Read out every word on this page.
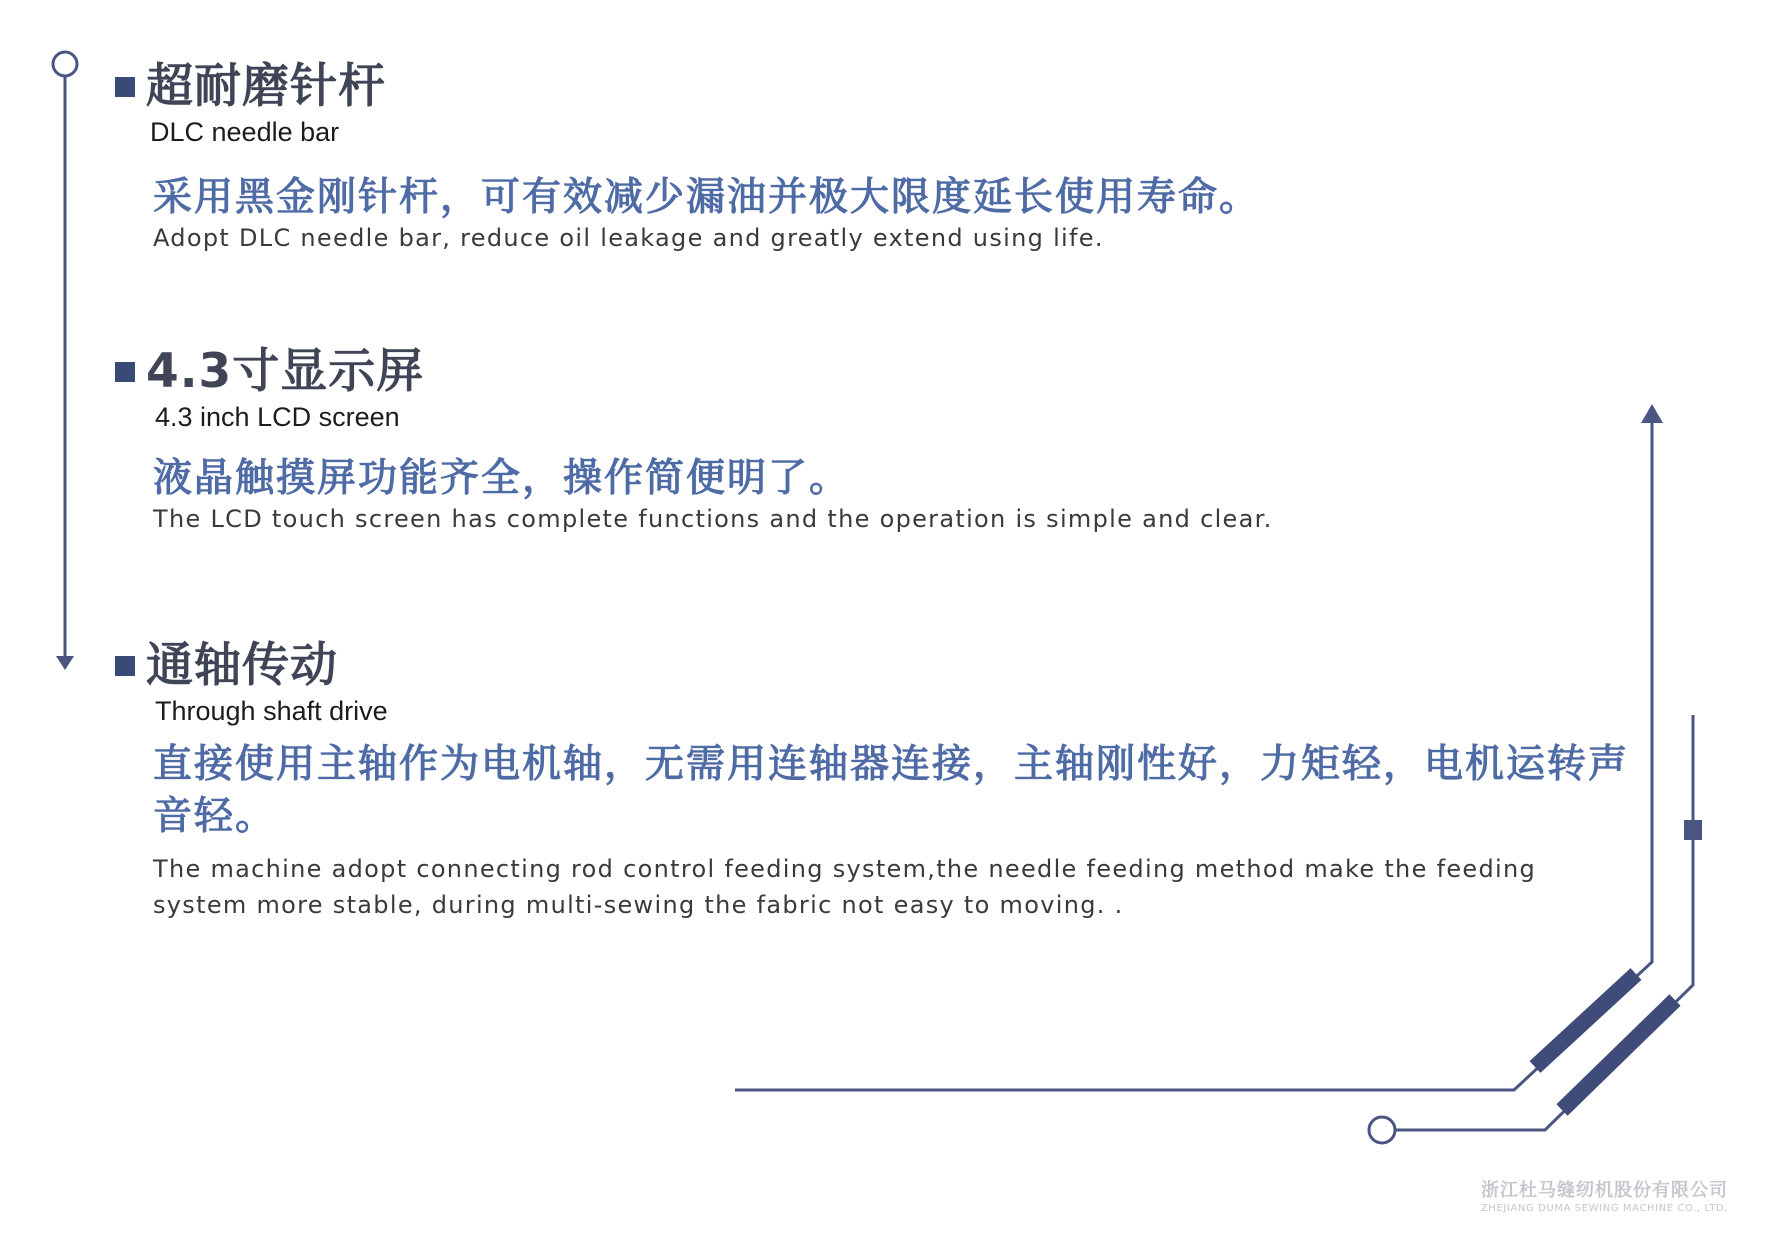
超耐磨针杆
DLC needle bar
采用黑金刚针杆，可有效减少漏油并极大限度延长使用寿命。
Adopt DLC needle bar, reduce oil leakage and greatly extend using life.
4.3寸显示屏
4.3 inch LCD screen
液晶触摸屏功能齐全，操作简便明了。
The LCD touch screen has complete functions and the operation is simple and clear.
通轴传动
Through shaft drive
直接使用主轴作为电机轴，无需用连轴器连接，主轴刚性好，力矩轻，电机运转声音轻。
The machine adopt connecting rod control feeding system,the needle feeding method make the feeding system more stable, during multi-sewing the fabric not easy to moving. .
浙江杜马缝纫机股份有限公司
ZHEJIANG DUMA SEWING MACHINE CO., LTD.
